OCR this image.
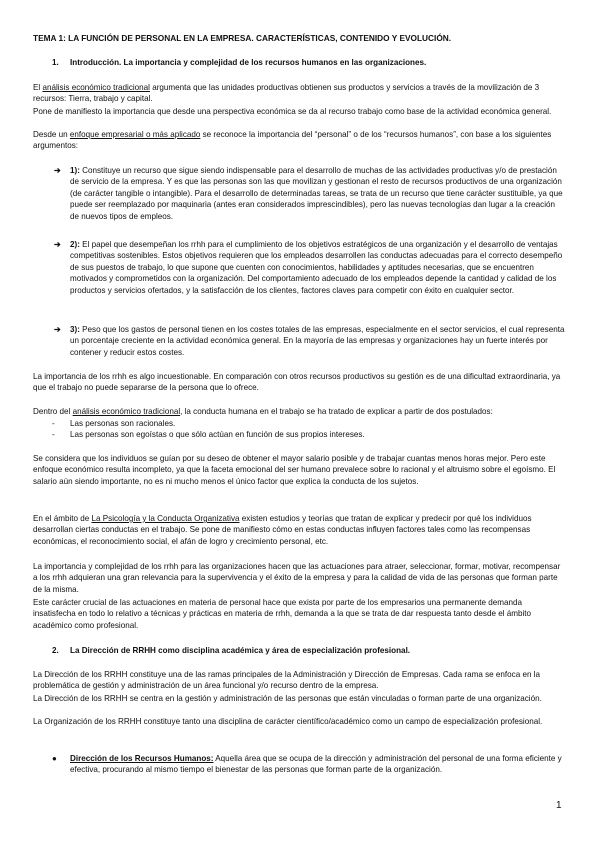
TEMA 1: LA FUNCIÓN DE PERSONAL EN LA EMPRESA. CARACTERÍSTICAS, CONTENIDO Y EVOLUCIÓN.

1. Introducción. La importancia y complejidad de los recursos humanos en las organizaciones.

El análisis económico tradicional argumenta que las unidades productivas obtienen sus productos y servicios a través de la movilización de 3 recursos: Tierra, trabajo y capital.

Pone de manifiesto la importancia que desde una perspectiva económica se da al recurso trabajo como base de la actividad económica general.

Desde un enfoque empresarial o más aplicado se reconoce la importancia del “personal” o de los “recursos humanos”, con base a los siguientes argumentos:

➔ 1): Constituye un recurso que sigue siendo indispensable para el desarrollo de muchas de las actividades productivas y/o de prestación de servicio de la empresa. Y es que las personas son las que movilizan y gestionan el resto de recursos productivos de una organización (de carácter tangible o intangible). Para el desarrollo de determinadas tareas, se trata de un recurso que tiene carácter sustituible, ya que puede ser reemplazado por maquinaria (antes eran considerados imprescindibles), pero las nuevas tecnologías dan lugar a la creación de nuevos tipos de empleos.
➔ 2): El papel que desempeñan los rrhh para el cumplimiento de los objetivos estratégicos de una organización y el desarrollo de ventajas competitivas sostenibles. Estos objetivos requieren que los empleados desarrollen las conductas adecuadas para el correcto desempeño de sus puestos de trabajo, lo que supone que cuenten con conocimientos, habilidades y aptitudes necesarias, que se encuentren motivados y comprometidos con la organización. Del comportamiento adecuado de los empleados depende la cantidad y calidad de los productos y servicios ofertados, y la satisfacción de los clientes, factores claves para competir con éxito en cualquier sector.
➔ 3): Peso que los gastos de personal tienen en los costes totales de las empresas, especialmente en el sector servicios, el cual representa un porcentaje creciente en la actividad económica general. En la mayoría de las empresas y organizaciones hay un fuerte interés por contener y reducir estos costes.

La importancia de los rrhh es algo incuestionable. En comparación con otros recursos productivos su gestión es de una dificultad extraordinaria, ya que el trabajo no puede separarse de la persona que lo ofrece.

Dentro del análisis económico tradicional, la conducta humana en el trabajo se ha tratado de explicar a partir de dos postulados:

- Las personas son racionales.
- Las personas son egoístas o que sólo actúan en función de sus propios intereses.

Se considera que los individuos se guían por su deseo de obtener el mayor salario posible y de trabajar cuantas menos horas mejor. Pero este enfoque económico resulta incompleto, ya que la faceta emocional del ser humano prevalece sobre lo racional y el altruismo sobre el egoísmo. El salario aún siendo importante, no es ni mucho menos el único factor que explica la conducta de los sujetos.

En el ámbito de La Psicología y la Conducta Organizativa existen estudios y teorías que tratan de explicar y predecir por qué los individuos desarrollan ciertas conductas en el trabajo. Se pone de manifiesto cómo en estas conductas influyen factores tales como las recompensas económicas, el reconocimiento social, el afán de logro y crecimiento personal, etc.

La importancia y complejidad de los rrhh para las organizaciones hacen que las actuaciones para atraer, seleccionar, formar, motivar, recompensar a los rrhh adquieran una gran relevancia para la supervivencia y el éxito de la empresa y para la calidad de vida de las personas que forman parte de la misma.

Este carácter crucial de las actuaciones en materia de personal hace que exista por parte de los empresarios una permanente demanda insatisfecha en todo lo relativo a técnicas y prácticas en materia de rrhh, demanda a la que se trata de dar respuesta tanto desde el ámbito académico como profesional.

2. La Dirección de RRHH como disciplina académica y área de especialización profesional.

La Dirección de los RRHH constituye una de las ramas principales de la Administración y Dirección de Empresas. Cada rama se enfoca en la problemática de gestión y administración de un área funcional y/o recurso dentro de la empresa.

La Dirección de los RRHH se centra en la gestión y administración de las personas que están vinculadas o forman parte de una organización.

La Organización de los RRHH constituye tanto una disciplina de carácter científico/académico como un campo de especialización profesional.

● Dirección de los Recursos Humanos: Aquella área que se ocupa de la dirección y administración del personal de una forma eficiente y efectiva, procurando al mismo tiempo el bienestar de las personas que forman parte de la organización.
1
